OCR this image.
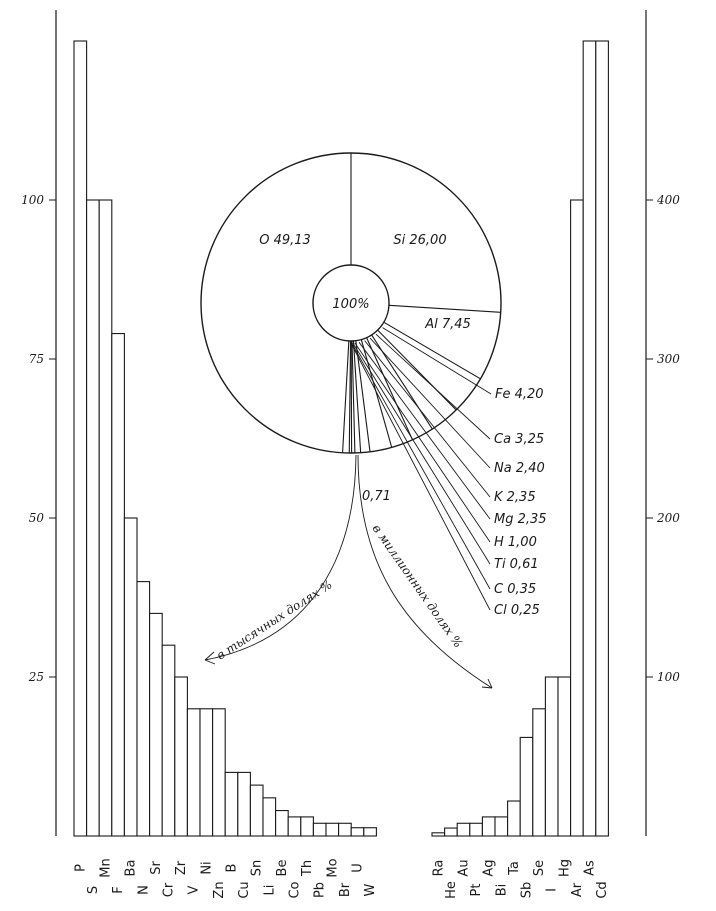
25
50
75
100
100
200
300
400
P
S
Mn
F
Ba
N
Sr
Cr
Zr
V
Ni
Zn
B
Cu
Sn
Li
Be
Co
Th
Pb
Mo
Br
U
W
Ra
He
Au
Pt
Ag
Bi
Ta
Sb
Se
I
Hg
Ar
As
Cd
100%
O 49,13	Si 26,00
Al 7,45
Fe 4,20
Ca 3,25
Na 2,40
K 2,35
Mg 2,35
H 1,00
Ti 0,61
C 0,35
Cl 0,25
0,71
в тысячных долях %	в миллионных долях %
